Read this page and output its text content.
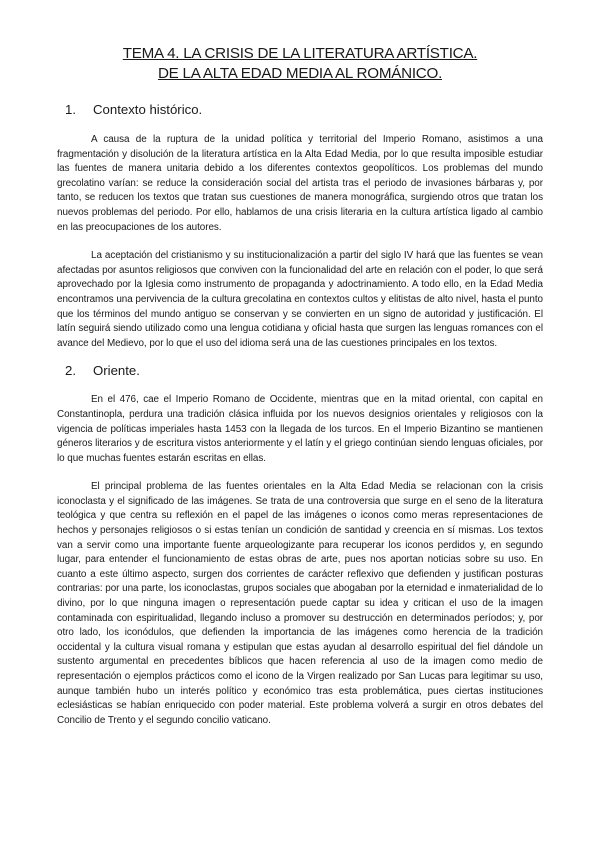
TEMA 4. LA CRISIS DE LA LITERATURA ARTÍSTICA.
DE LA ALTA EDAD MEDIA AL ROMÁNICO.
1.	Contexto histórico.

A causa de la ruptura de la unidad política y territorial del Imperio Romano, asistimos a una fragmentación y disolución de la literatura artística en la Alta Edad Media, por lo que resulta imposible estudiar las fuentes de manera unitaria debido a los diferentes contextos geopolíticos. Los problemas del mundo grecolatino varían: se reduce la consideración social del artista tras el periodo de invasiones bárbaras y, por tanto, se reducen los textos que tratan sus cuestiones de manera monográfica, surgiendo otros que tratan los nuevos problemas del periodo. Por ello, hablamos de una crisis literaria en la cultura artística ligado al cambio en las preocupaciones de los autores.

La aceptación del cristianismo y su institucionalización a partir del siglo IV hará que las fuentes se vean afectadas por asuntos religiosos que conviven con la funcionalidad del arte en relación con el poder, lo que será aprovechado por la Iglesia como instrumento de propaganda y adoctrinamiento. A todo ello, en la Edad Media encontramos una pervivencia de la cultura grecolatina en contextos cultos y elitistas de alto nivel, hasta el punto que los términos del mundo antiguo se conservan y se convierten en un signo de autoridad y justificación. El latín seguirá siendo utilizado como una lengua cotidiana y oficial hasta que surgen las lenguas romances con el avance del Medievo, por lo que el uso del idioma será una de las cuestiones principales en los textos.

2.	Oriente.

En el 476, cae el Imperio Romano de Occidente, mientras que en la mitad oriental, con capital en Constantinopla, perdura una tradición clásica influida por los nuevos designios orientales y religiosos con la vigencia de políticas imperiales hasta 1453 con la llegada de los turcos. En el Imperio Bizantino se mantienen géneros literarios y de escritura vistos anteriormente y el latín y el griego continúan siendo lenguas oficiales, por lo que muchas fuentes estarán escritas en ellas.

El principal problema de las fuentes orientales en la Alta Edad Media se relacionan con la crisis iconoclasta y el significado de las imágenes. Se trata de una controversia que surge en el seno de la literatura teológica y que centra su reflexión en el papel de las imágenes o iconos como meras representaciones de hechos y personajes religiosos o si estas tenían un condición de santidad y creencia en sí mismas. Los textos van a servir como una importante fuente arqueologizante para recuperar los iconos perdidos y, en segundo lugar, para entender el funcionamiento de estas obras de arte, pues nos aportan noticias sobre su uso. En cuanto a este último aspecto, surgen dos corrientes de carácter reflexivo que defienden y justifican posturas contrarias: por una parte, los iconoclastas, grupos sociales que abogaban por la eternidad e inmaterialidad de lo divino, por lo que ninguna imagen o representación puede captar su idea y critican el uso de la imagen contaminada con espiritualidad, llegando incluso a promover su destrucción en determinados períodos; y, por otro lado, los iconódulos, que defienden la importancia de las imágenes como herencia de la tradición occidental y la cultura visual romana y estipulan que estas ayudan al desarrollo espiritual del fiel dándole un sustento argumental en precedentes bíblicos que hacen referencia al uso de la imagen como medio de representación o ejemplos prácticos como el icono de la Virgen realizado por San Lucas para legitimar su uso, aunque también hubo un interés político y económico tras esta problemática, pues ciertas instituciones eclesiásticas se habían enriquecido con poder material. Este problema volverá a surgir en otros debates del Concilio de Trento y el segundo concilio vaticano.
